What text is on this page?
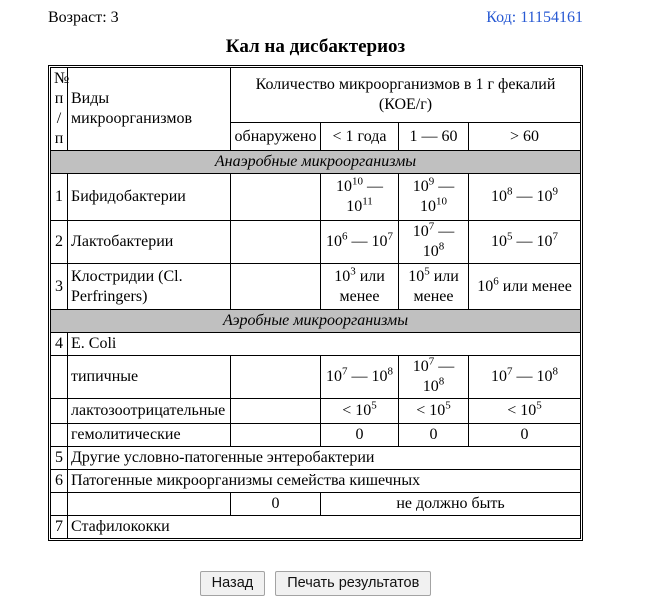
Возраст: 3	Код: 11154161
Кал на дисбактериоз
№ п/п	Виды микроорганизмов	Количество микроорганизмов в 1 г фекалий (КОЕ/г)			
		обнаружено	< 1 года	1 — 60	> 60
Анаэробные микроорганизмы					
1	Бифидобактерии		$10^{10}$ — $10^{11}$	$10^9$ — $10^{10}$	$10^8$ — $10^9$
2	Лактобактерии		$10^6$ — $10^7$	$10^7$ — $10^8$	$10^5$ — $10^7$
3	Клостридии (Cl. Perfringers)		$10^3$ или менее	$10^5$ или менее	$10^6$ или менее
Аэробные микроорганизмы					
4	E. Coli				
	типичные		$10^7$ — $10^8$	$10^7$ — $10^8$	$10^7$ — $10^8$
	лактозоотрицательные		< $10^5$	< $10^5$	< $10^5$
	гемолитические		0	0	0
5	Другие условно-патогенные энтеробактерии				
6	Патогенные микроорганизмы семейства кишечных				
		0	не должно быть		
7	Стафилококки				
Назад Печать результатов
